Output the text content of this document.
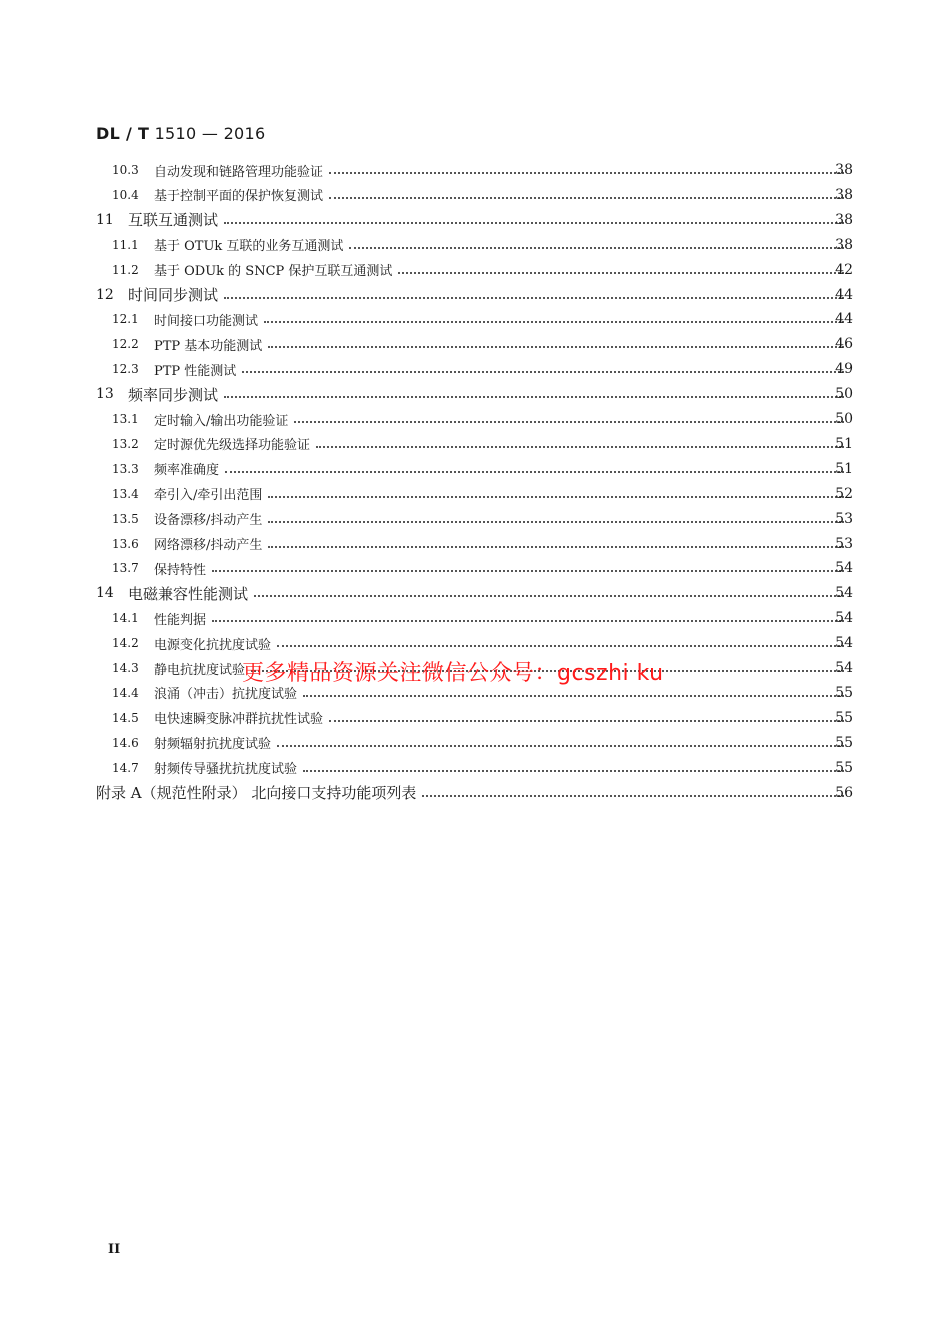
DL / T 1510 — 2016
10.3 自动发现和链路管理功能验证	38
10.4 基于控制平面的保护恢复测试	38
11 互联互通测试	38
11.1 基于 OTUk 互联的业务互通测试	38
11.2 基于 ODUk 的 SNCP 保护互联互通测试	42
12 时间同步测试	44
12.1 时间接口功能测试	44
12.2 PTP 基本功能测试	46
12.3 PTP 性能测试	49
13 频率同步测试	50
13.1 定时输入/输出功能验证	50
13.2 定时源优先级选择功能验证	51
13.3 频率准确度	51
13.4 牵引入/牵引出范围	52
13.5 设备漂移/抖动产生	53
13.6 网络漂移/抖动产生	53
13.7 保持特性	54
14 电磁兼容性能测试	54
14.1 性能判据	54
14.2 电源变化抗扰度试验	54
14.3 静电抗扰度试验	54
14.4 浪涌（冲击）抗扰度试验	55
14.5 电快速瞬变脉冲群抗扰性试验	55
14.6 射频辐射抗扰度试验	55
14.7 射频传导骚扰抗扰度试验	55
附录 A（规范性附录） 北向接口支持功能项列表	56
更多精品资源关注微信公众号：gcszhi ku
II
